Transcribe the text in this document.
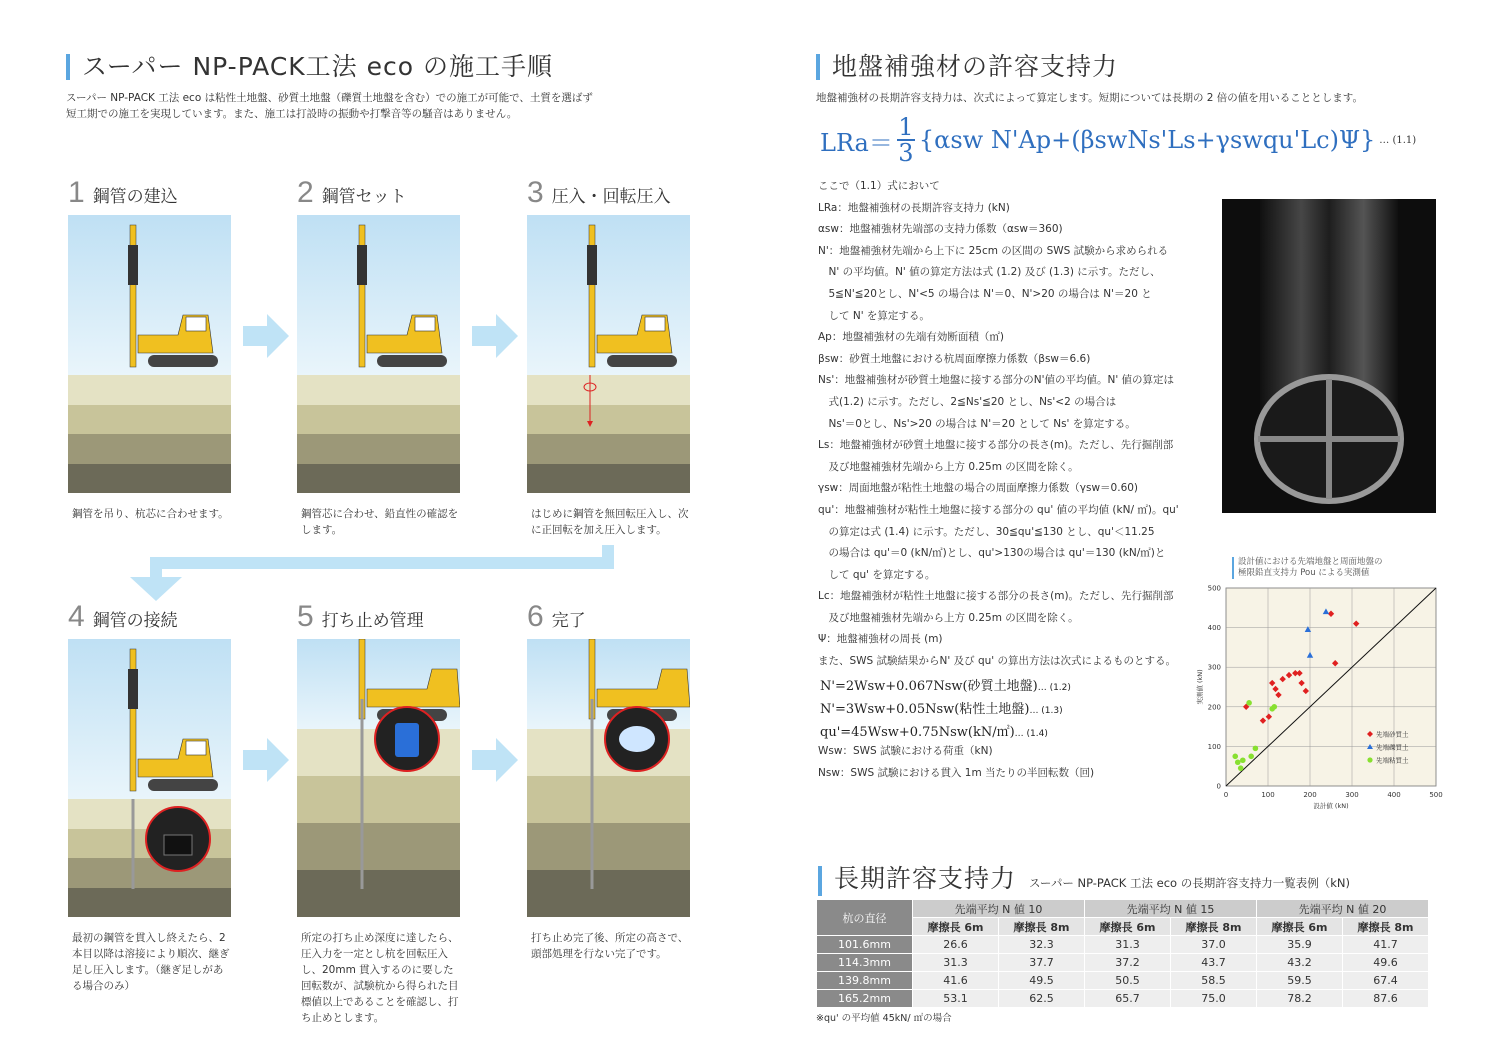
スーパー NP-PACK工法 eco の施工手順
スーパー NP-PACK 工法 eco は粘性土地盤、砂質土地盤（礫質土地盤を含む）での施工が可能で、土質を選ばず
短工期での施工を実現しています。また、施工は打設時の振動や打撃音等の騒音はありません。
1 鋼管の建込
鋼管を吊り、杭芯に合わせます。
2 鋼管セット
鋼管芯に合わせ、鉛直性の確認を
します。
3 圧入・回転圧入
はじめに鋼管を無回転圧入し、次
に正回転を加え圧入します。
4 鋼管の接続
最初の鋼管を貫入し終えたら、2
本目以降は溶接により順次、継ぎ
足し圧入します。（継ぎ足しがあ
る場合のみ）
5 打ち止め管理
所定の打ち止め深度に達したら、
圧入力を一定とし杭を回転圧入
し、20mm 貫入するのに要した
回転数が、試験杭から得られた目
標値以上であることを確認し、打
ち止めとします。
6 完了
打ち止め完了後、所定の高さで、
頭部処理を行ない完了です。
地盤補強材の許容支持力
地盤補強材の長期許容支持力は、次式によって算定します。短期については長期の 2 倍の値を用いることとします。
LRa＝
1
3 {αsw N'Ap+(βswNs'Ls+γswqu'Lc)Ψ} … (1.1)
ここで（1.1）式において
LRa：地盤補強材の長期許容支持力 (kN)
αsw：地盤補強材先端部の支持力係数（αsw＝360)
N'：地盤補強材先端から上下に 25cm の区間の SWS 試験から求められる
　N' の平均値。N' 値の算定方法は式 (1.2) 及び (1.3) に示す。ただし、
　5≦N'≦20とし、N'<5 の場合は N'＝0、N'>20 の場合は N'＝20 と
　して N' を算定する。
Ap：地盤補強材の先端有効断面積（㎡)
βsw：砂質土地盤における杭周面摩擦力係数（βsw＝6.6)
Ns'：地盤補強材が砂質土地盤に接する部分のN'値の平均値。N' 値の算定は
　式(1.2) に示す。ただし、2≦Ns'≦20 とし、Ns'<2 の場合は
　Ns'＝0とし、Ns'>20 の場合は N'＝20 として Ns' を算定する。
Ls：地盤補強材が砂質土地盤に接する部分の長さ(m)。ただし、先行掘削部
　及び地盤補強材先端から上方 0.25m の区間を除く。
γsw：周面地盤が粘性土地盤の場合の周面摩擦力係数（γsw＝0.60)
qu'：地盤補強材が粘性土地盤に接する部分の qu' 値の平均値 (kN/ ㎡)。qu'
　の算定は式 (1.4) に示す。ただし、30≦qu'≦130 とし、qu'＜11.25
　の場合は qu'＝0 (kN/㎡)とし、qu'>130の場合は qu'＝130 (kN/㎡)と
　して qu' を算定する。
Lc：地盤補強材が粘性土地盤に接する部分の長さ(m)。ただし、先行掘削部
　及び地盤補強材先端から上方 0.25m の区間を除く。
Ψ：地盤補強材の周長 (m)
また、SWS 試験結果からN' 及び qu' の算出方法は次式によるものとする。
N'=2Wsw+0.067Nsw(砂質土地盤)… (1.2)
N'=3Wsw+0.05Nsw(粘性土地盤)… (1.3)
qu'=45Wsw+0.75Nsw(kN/㎡)… (1.4)
Wsw：SWS 試験における荷重（kN)
Nsw：SWS 試験における貫入 1m 当たりの半回転数（回)
設計値における先端地盤と周面地盤の
極限鉛直支持力 Pou による実測値
0	100	200	300	400	500
0
100
200
300
400
500
設計値 (kN)
実測値 (kN)
先端砂質土
先端礫質土
先端粘質土
長期許容支持力 スーパー NP-PACK 工法 eco の長期許容支持力一覧表例（kN)
杭の直径	先端平均 N 値 10		先端平均 N 値 15		先端平均 N 値 20	
	摩擦長 6m	摩擦長 8m	摩擦長 6m	摩擦長 8m	摩擦長 6m	摩擦長 8m
101.6mm	26.6	32.3	31.3	37.0	35.9	41.7
114.3mm	31.3	37.7	37.2	43.7	43.2	49.6
139.8mm	41.6	49.5	50.5	58.5	59.5	67.4
165.2mm	53.1	62.5	65.7	75.0	78.2	87.6
※qu' の平均値 45kN/ ㎡の場合
